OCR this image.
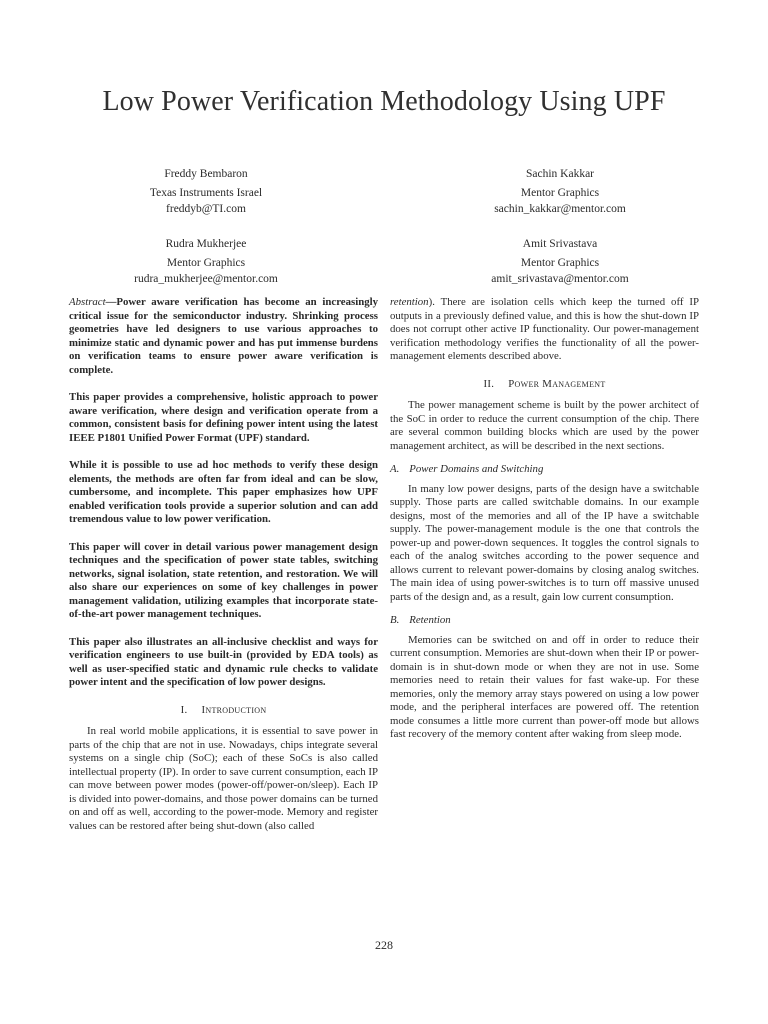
Low Power Verification Methodology Using UPF
Freddy Bembaron
Texas Instruments Israel
freddyb@TI.com
Sachin Kakkar
Mentor Graphics
sachin_kakkar@mentor.com
Rudra Mukherjee
Mentor Graphics
rudra_mukherjee@mentor.com
Amit Srivastava
Mentor Graphics
amit_srivastava@mentor.com

Abstract—Power aware verification has become an increasingly critical issue for the semiconductor industry. Shrinking process geometries have led designers to use various approaches to minimize static and dynamic power and has put immense burdens on verification teams to ensure power aware verification is complete.

This paper provides a comprehensive, holistic approach to power aware verification, where design and verification operate from a common, consistent basis for defining power intent using the latest IEEE P1801 Unified Power Format (UPF) standard.

While it is possible to use ad hoc methods to verify these design elements, the methods are often far from ideal and can be slow, cumbersome, and incomplete. This paper emphasizes how UPF enabled verification tools provide a superior solution and can add tremendous value to low power verification.

This paper will cover in detail various power management design techniques and the specification of power state tables, switching networks, signal isolation, state retention, and restoration. We will also share our experiences on some of key challenges in power management validation, utilizing examples that incorporate state-of-the-art power management techniques.

This paper also illustrates an all-inclusive checklist and ways for verification engineers to use built-in (provided by EDA tools) as well as user-specified static and dynamic rule checks to validate power intent and the specification of low power designs.

I. Introduction

In real world mobile applications, it is essential to save power in parts of the chip that are not in use. Nowadays, chips integrate several systems on a single chip (SoC); each of these SoCs is also called intellectual property (IP). In order to save current consumption, each IP can move between power modes (power-off/power-on/sleep). Each IP is divided into power-domains, and those power domains can be turned on and off as well, according to the power-mode. Memory and register values can be restored after being shut-down (also called

retention). There are isolation cells which keep the turned off IP outputs in a previously defined value, and this is how the shut-down IP does not corrupt other active IP functionality. Our power-management verification methodology verifies the functionality of all the power-management elements described above.

II. Power Management

The power management scheme is built by the power architect of the SoC in order to reduce the current consumption of the chip. There are several common building blocks which are used by the power management architect, as will be described in the next sections.

A. Power Domains and Switching

In many low power designs, parts of the design have a switchable supply. Those parts are called switchable domains. In our example designs, most of the memories and all of the IP have a switchable supply. The power-management module is the one that controls the power-up and power-down sequences. It toggles the control signals to each of the analog switches according to the power sequence and allows current to relevant power-domains by closing analog switches. The main idea of using power-switches is to turn off massive unused parts of the design and, as a result, gain low current consumption.

B. Retention

Memories can be switched on and off in order to reduce their current consumption. Memories are shut-down when their IP or power-domain is in shut-down mode or when they are not in use. Some memories need to retain their values for fast wake-up. For these memories, only the memory array stays powered on using a low power mode, and the peripheral interfaces are powered off. The retention mode consumes a little more current than power-off mode but allows fast recovery of the memory content after waking from sleep mode.

228
